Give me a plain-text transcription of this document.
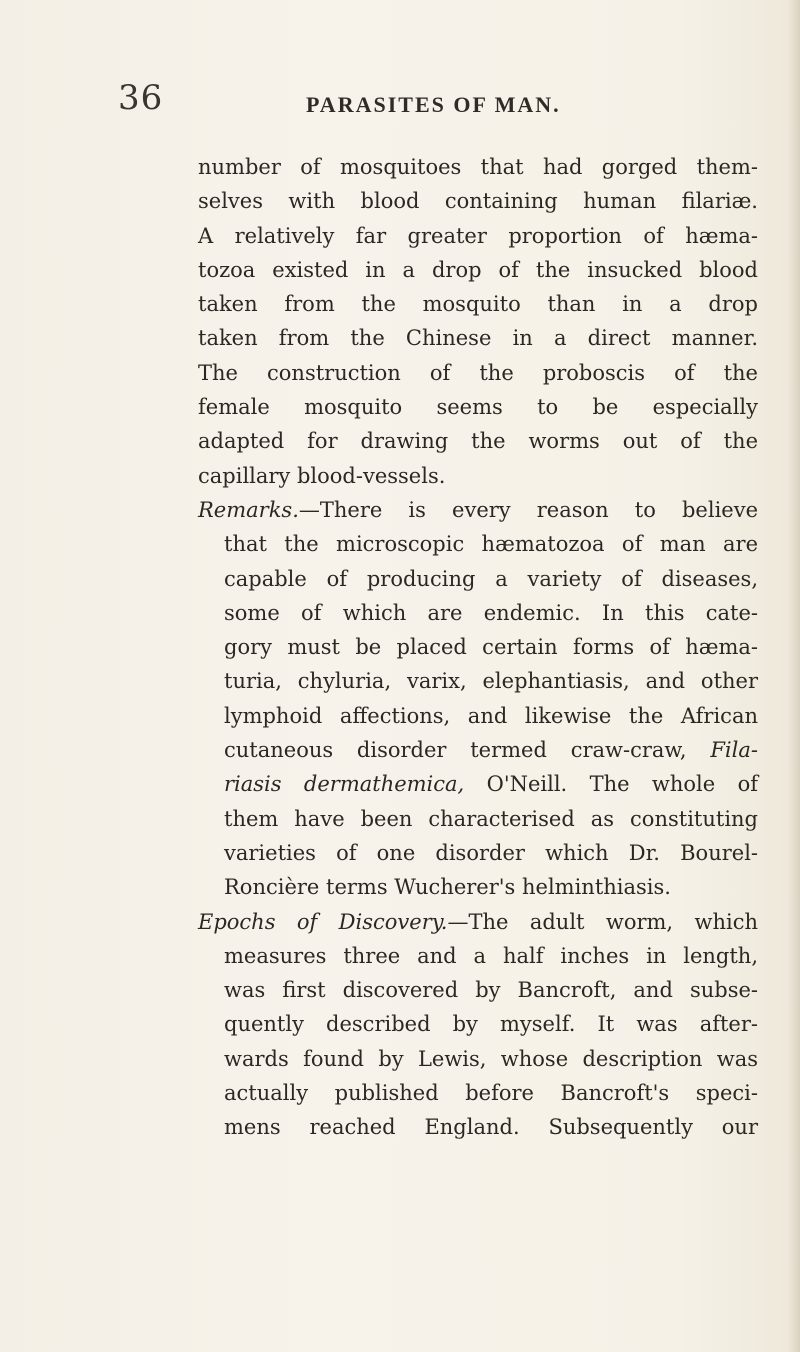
36	PARASITES OF MAN.
number of mosquitoes that had gorged them-
selves with blood containing human filariæ.
A relatively far greater proportion of hæma-
tozoa existed in a drop of the insucked blood
taken from the mosquito than in a drop
taken from the Chinese in a direct manner.
The construction of the proboscis of the
female mosquito seems to be especially
adapted for drawing the worms out of the
capillary blood-vessels.
Remarks.—There is every reason to believe
that the microscopic hæmatozoa of man are
capable of producing a variety of diseases,
some of which are endemic. In this cate-
gory must be placed certain forms of hæma-
turia, chyluria, varix, elephantiasis, and other
lymphoid affections, and likewise the African
cutaneous disorder termed craw-craw, Fila-
riasis dermathemica, O'Neill. The whole of
them have been characterised as constituting
varieties of one disorder which Dr. Bourel-
Roncière terms Wucherer's helminthiasis.
Epochs of Discovery.—The adult worm, which
measures three and a half inches in length,
was first discovered by Bancroft, and subse-
quently described by myself. It was after-
wards found by Lewis, whose description was
actually published before Bancroft's speci-
mens reached England. Subsequently our
